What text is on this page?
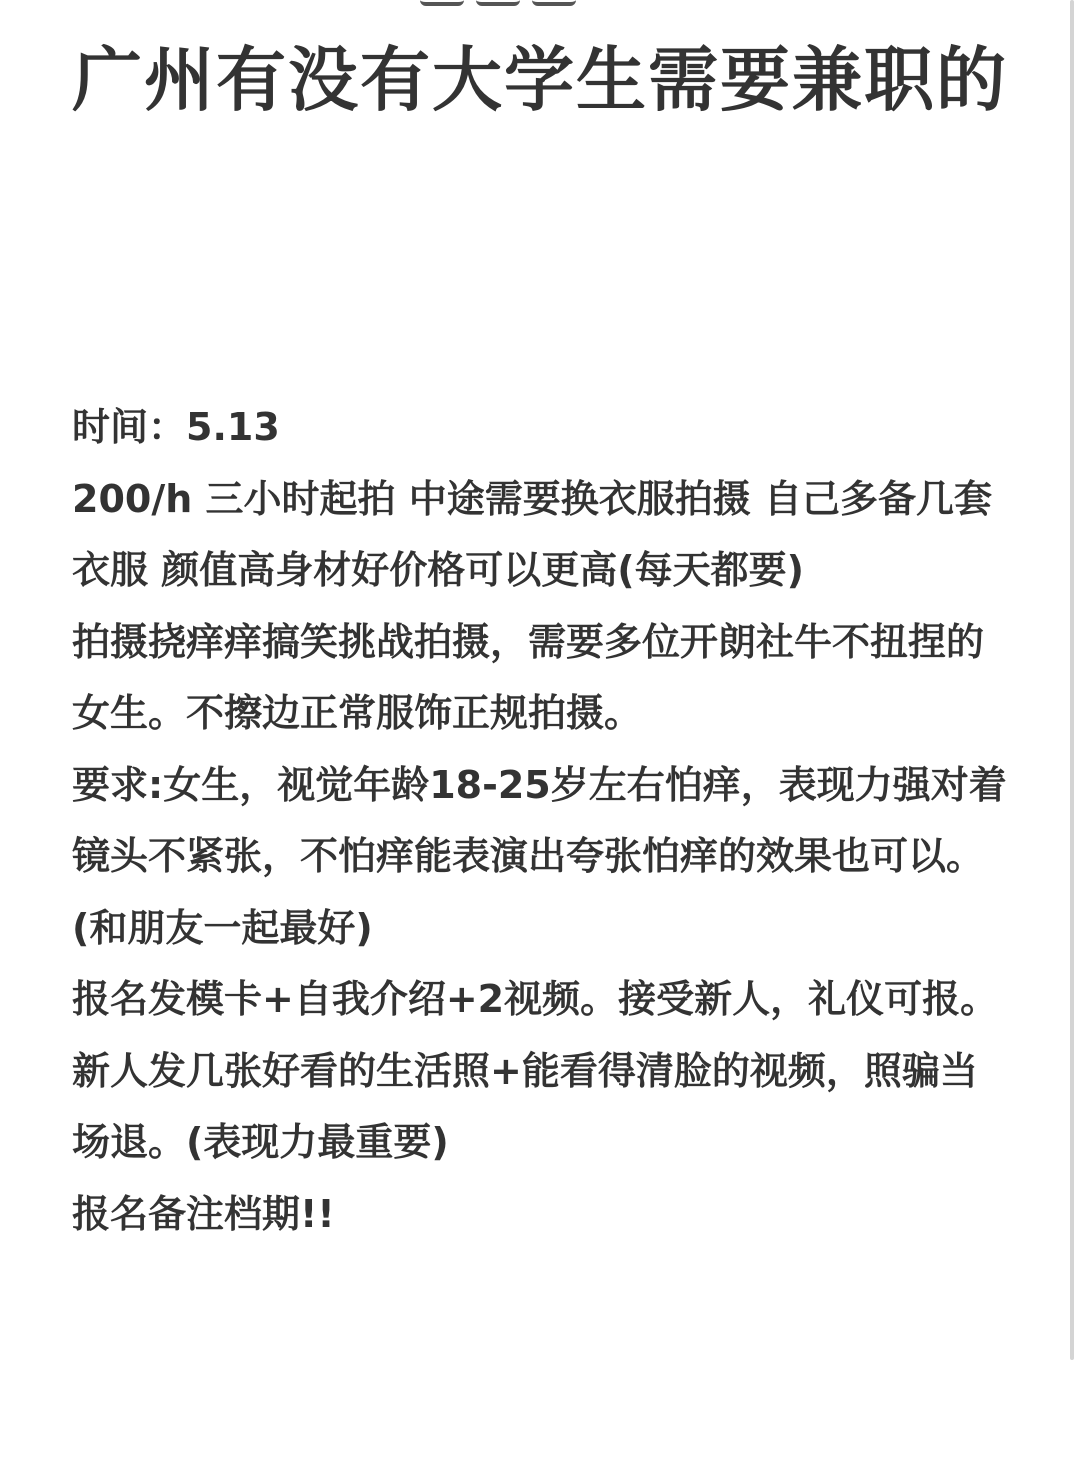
广州有没有大学生需要兼职的

时间：5.13

200/h 三小时起拍 中途需要换衣服拍摄 自己多备几套衣服 颜值高身材好价格可以更高(每天都要)

拍摄挠痒痒搞笑挑战拍摄，需要多位开朗社牛不扭捏的女生。不擦边正常服饰正规拍摄。

要求:女生，视觉年龄18-25岁左右怕痒，表现力强对着镜头不紧张，不怕痒能表演出夸张怕痒的效果也可以。(和朋友一起最好)

报名发模卡+自我介绍+2视频。接受新人，礼仪可报。新人发几张好看的生活照+能看得清脸的视频，照骗当场退。(表现力最重要)

报名备注档期!!
